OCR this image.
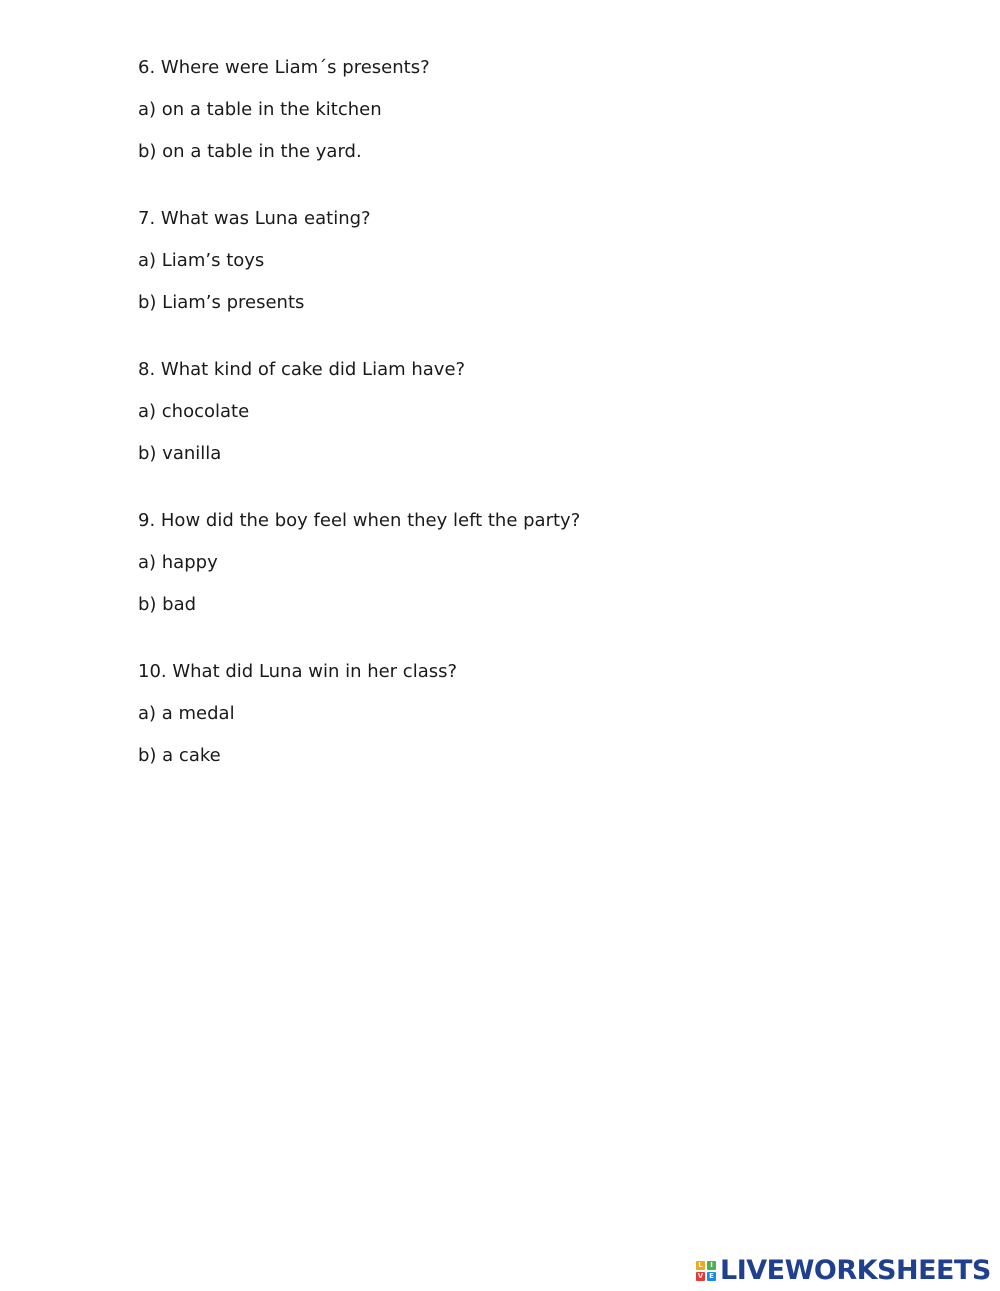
6. Where were Liam´s presents?
a) on a table in the kitchen
b) on a table in the yard.
7. What was Luna eating?
a) Liam’s toys
b) Liam’s presents
8. What kind of cake did Liam have?
a) chocolate
b) vanilla
9. How did the boy feel when they left the party?
a) happy
b) bad
10. What did Luna win in her class?
a) a medal
b) a cake
L	I
V E LIVEWORKSHEETS
